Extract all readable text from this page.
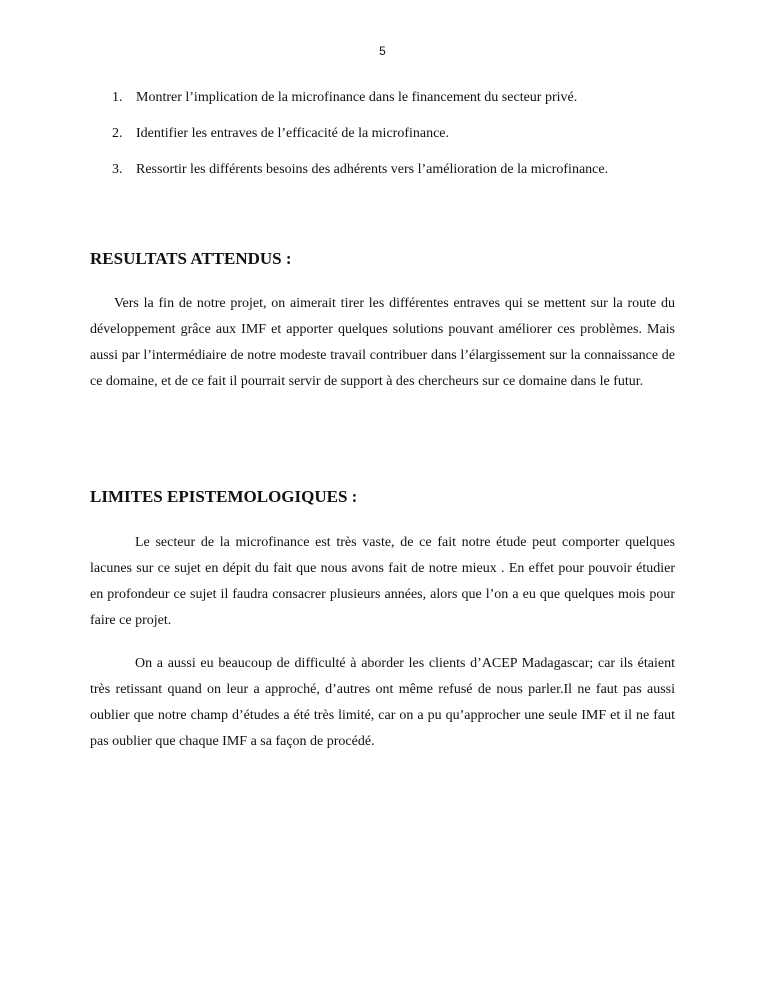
5
1. Montrer l’implication de la microfinance dans le financement du secteur privé.
2. Identifier les entraves de l’efficacité de la microfinance.
3. Ressortir les différents besoins des adhérents vers l’amélioration de la microfinance.
RESULTATS ATTENDUS :

Vers la fin de notre projet, on aimerait tirer les différentes entraves qui se mettent sur la route du développement grâce aux IMF et apporter quelques solutions pouvant améliorer ces problèmes. Mais aussi par l’intermédiaire de notre modeste travail contribuer dans l’élargissement sur la connaissance de ce domaine, et de ce fait il pourrait servir de support à des chercheurs sur ce domaine dans le futur.

LIMITES EPISTEMOLOGIQUES :

Le secteur de la microfinance est très vaste, de ce fait notre étude peut comporter quelques lacunes sur ce sujet en dépit du fait que nous avons fait de notre mieux . En effet pour pouvoir étudier en profondeur ce sujet il faudra consacrer plusieurs années, alors que l’on a eu que quelques mois pour faire ce projet.

On a aussi eu beaucoup de difficulté à aborder les clients d’ACEP Madagascar; car ils étaient très retissant quand on leur a approché, d’autres ont même refusé de nous parler.Il ne faut pas aussi oublier que notre champ d’études a été très limité, car on a pu qu’approcher une seule IMF et il ne faut pas oublier que chaque IMF a sa façon de procédé.
